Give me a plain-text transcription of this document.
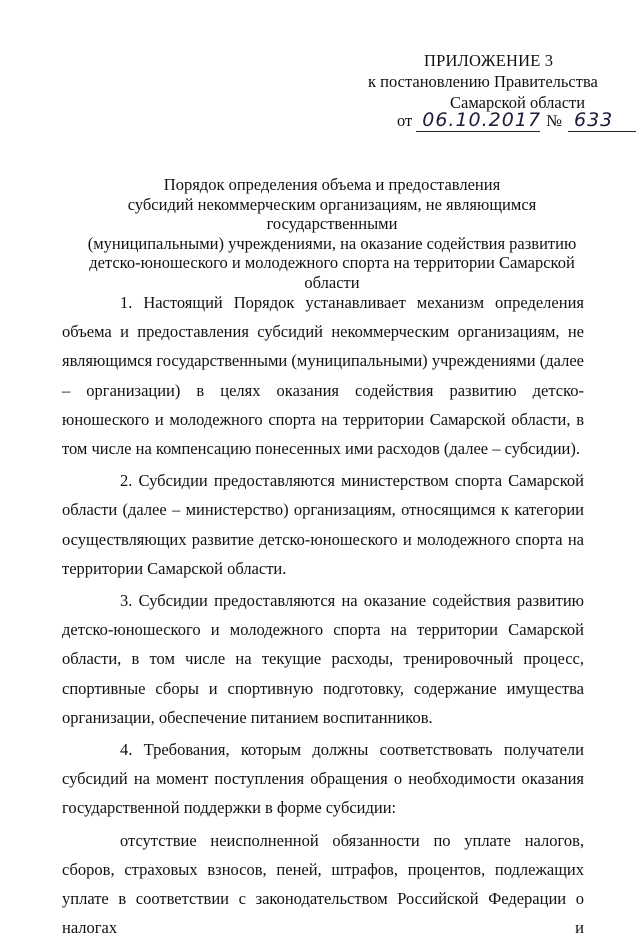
ПРИЛОЖЕНИЕ 3
к постановлению Правительства
Самарской области
от 06.10.2017 № 633
Порядок определения объема и предоставления
субсидий некоммерческим организациям, не являющимся государственными
(муниципальными) учреждениями, на оказание содействия развитию
детско-юношеского и молодежного спорта на территории Самарской области

1. Настоящий Порядок устанавливает механизм определения объема и предоставления субсидий некоммерческим организациям, не являющимся государственными (муниципальными) учреждениями (далее – организации) в целях оказания содействия развитию детско-юношеского и молодежного спорта на территории Самарской области, в том числе на компенсацию понесенных ими расходов (далее – субсидии).

2. Субсидии предоставляются министерством спорта Самарской области (далее – министерство) организациям, относящимся к категории осуществляющих развитие детско-юношеского и молодежного спорта на территории Самарской области.

3. Субсидии предоставляются на оказание содействия развитию детско-юношеского и молодежного спорта на территории Самарской области, в том числе на текущие расходы, тренировочный процесс, спортивные сборы и спортивную подготовку, содержание имущества организации, обеспечение питанием воспитанников.

4. Требования, которым должны соответствовать получатели субсидий на момент поступления обращения о необходимости оказания государственной поддержки в форме субсидии:

отсутствие неисполненной обязанности по уплате налогов, сборов, страховых взносов, пеней, штрафов, процентов, подлежащих уплате в соответствии с законодательством Российской Федерации о налогах и
